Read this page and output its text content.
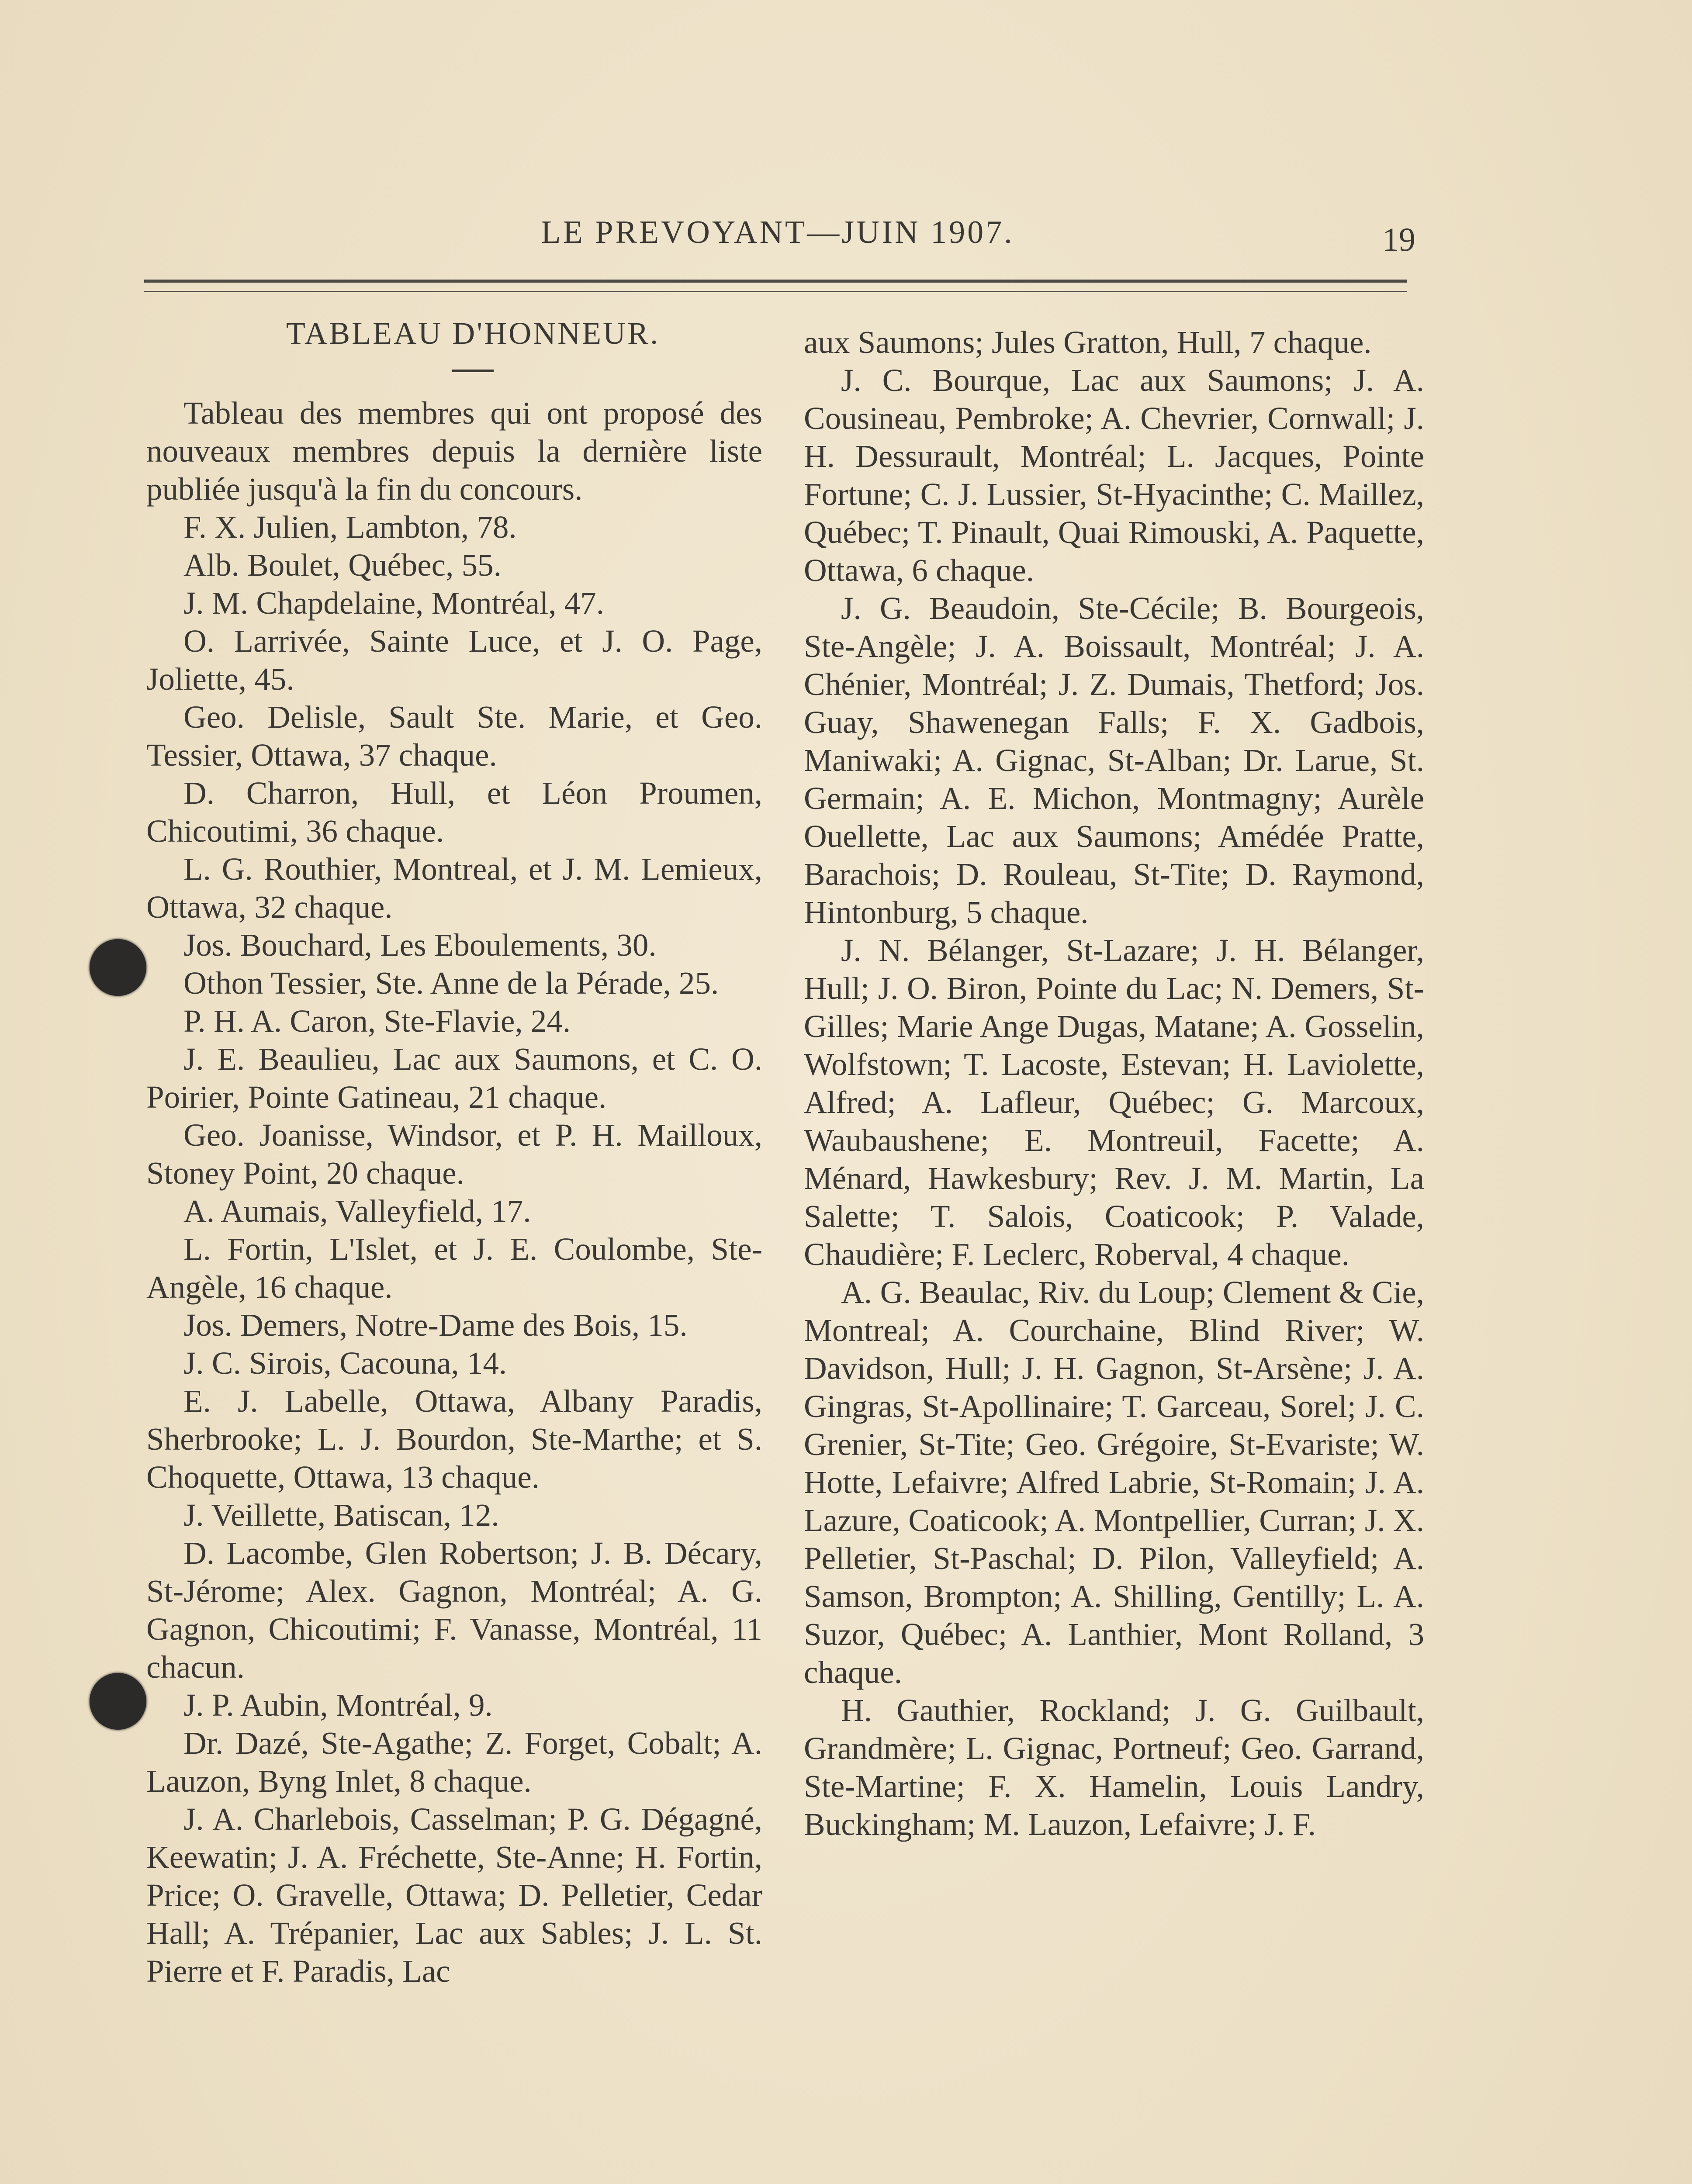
LE PREVOYANT—JUIN 1907.	19

TABLEAU D'HONNEUR.

Tableau des membres qui ont proposé des nouveaux membres depuis la dernière liste publiée jusqu'à la fin du concours.

F. X. Julien, Lambton, 78.

Alb. Boulet, Québec, 55.

J. M. Chapdelaine, Montréal, 47.

O. Larrivée, Sainte Luce, et J. O. Page, Joliette, 45.

Geo. Delisle, Sault Ste. Marie, et Geo. Tessier, Ottawa, 37 chaque.

D. Charron, Hull, et Léon Proumen, Chicoutimi, 36 chaque.

L. G. Routhier, Montreal, et J. M. Lemieux, Ottawa, 32 chaque.

Jos. Bouchard, Les Eboulements, 30.

Othon Tessier, Ste. Anne de la Pérade, 25.

P. H. A. Caron, Ste-Flavie, 24.

J. E. Beaulieu, Lac aux Saumons, et C. O. Poirier, Pointe Gatineau, 21 chaque.

Geo. Joanisse, Windsor, et P. H. Mailloux, Stoney Point, 20 chaque.

A. Aumais, Valleyfield, 17.

L. Fortin, L'Islet, et J. E. Coulombe, Ste-Angèle, 16 chaque.

Jos. Demers, Notre-Dame des Bois, 15.

J. C. Sirois, Cacouna, 14.

E. J. Labelle, Ottawa, Albany Paradis, Sherbrooke; L. J. Bourdon, Ste-Marthe; et S. Choquette, Ottawa, 13 chaque.

J. Veillette, Batiscan, 12.

D. Lacombe, Glen Robertson; J. B. Décary, St-Jérome; Alex. Gagnon, Montréal; A. G. Gagnon, Chicoutimi; F. Vanasse, Montréal, 11 chacun.

J. P. Aubin, Montréal, 9.

Dr. Dazé, Ste-Agathe; Z. Forget, Cobalt; A. Lauzon, Byng Inlet, 8 chaque.

J. A. Charlebois, Casselman; P. G. Dégagné, Keewatin; J. A. Fréchette, Ste-Anne; H. Fortin, Price; O. Gravelle, Ottawa; D. Pelletier, Cedar Hall; A. Trépanier, Lac aux Sables; J. L. St. Pierre et F. Paradis, Lac

aux Saumons; Jules Gratton, Hull, 7 chaque.

J. C. Bourque, Lac aux Saumons; J. A. Cousineau, Pembroke; A. Chevrier, Cornwall; J. H. Dessurault, Montréal; L. Jacques, Pointe Fortune; C. J. Lussier, St-Hyacinthe; C. Maillez, Québec; T. Pinault, Quai Rimouski, A. Paquette, Ottawa, 6 chaque.

J. G. Beaudoin, Ste-Cécile; B. Bourgeois, Ste-Angèle; J. A. Boissault, Montréal; J. A. Chénier, Montréal; J. Z. Dumais, Thetford; Jos. Guay, Shawenegan Falls; F. X. Gadbois, Maniwaki; A. Gignac, St-Alban; Dr. Larue, St. Germain; A. E. Michon, Montmagny; Aurèle Ouellette, Lac aux Saumons; Amédée Pratte, Barachois; D. Rouleau, St-Tite; D. Raymond, Hintonburg, 5 chaque.

J. N. Bélanger, St-Lazare; J. H. Bélanger, Hull; J. O. Biron, Pointe du Lac; N. Demers, St-Gilles; Marie Ange Dugas, Matane; A. Gosselin, Wolfstown; T. Lacoste, Estevan; H. Laviolette, Alfred; A. Lafleur, Québec; G. Marcoux, Waubaushene; E. Montreuil, Facette; A. Ménard, Hawkesbury; Rev. J. M. Martin, La Salette; T. Salois, Coaticook; P. Valade, Chaudière; F. Leclerc, Roberval, 4 chaque.

A. G. Beaulac, Riv. du Loup; Clement & Cie, Montreal; A. Courchaine, Blind River; W. Davidson, Hull; J. H. Gagnon, St-Arsène; J. A. Gingras, St-Apollinaire; T. Garceau, Sorel; J. C. Grenier, St-Tite; Geo. Grégoire, St-Evariste; W. Hotte, Lefaivre; Alfred Labrie, St-Romain; J. A. Lazure, Coaticook; A. Montpellier, Curran; J. X. Pelletier, St-Paschal; D. Pilon, Valleyfield; A. Samson, Brompton; A. Shilling, Gentilly; L. A. Suzor, Québec; A. Lanthier, Mont Rolland, 3 chaque.

H. Gauthier, Rockland; J. G. Guilbault, Grandmère; L. Gignac, Portneuf; Geo. Garrand, Ste-Martine; F. X. Hamelin, Louis Landry, Buckingham; M. Lauzon, Lefaivre; J. F.
